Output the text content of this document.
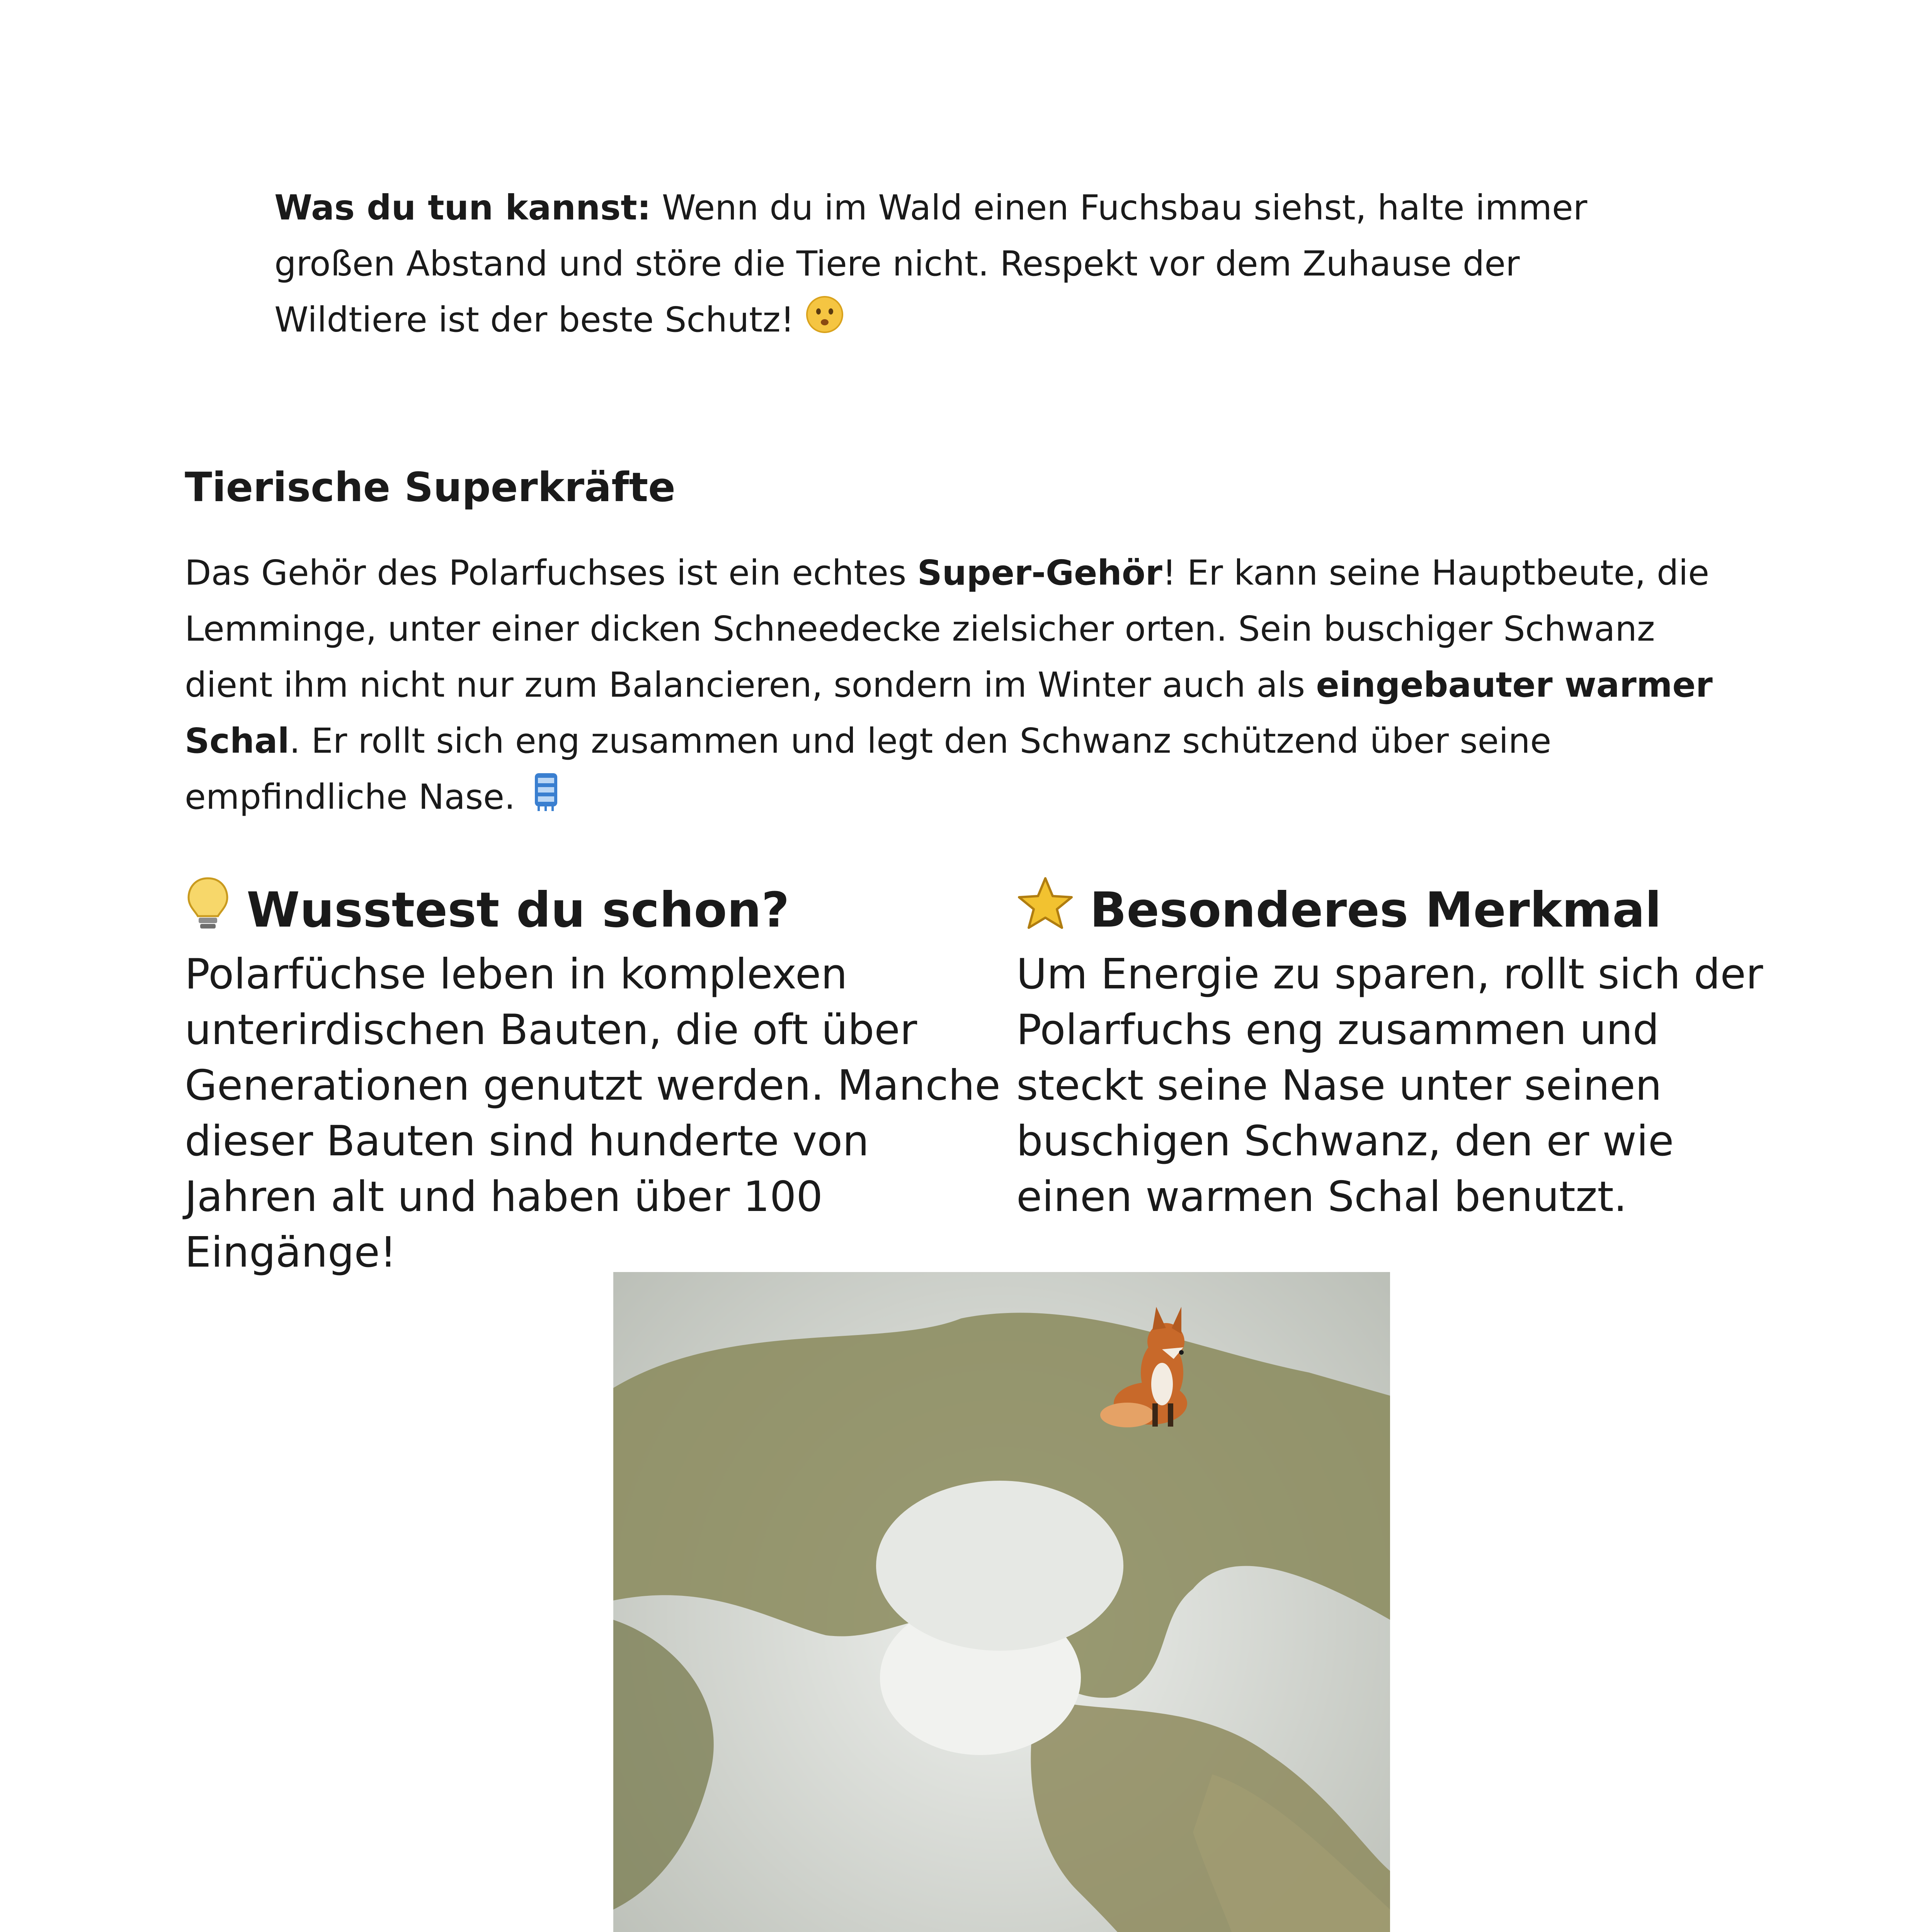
Was du tun kannst: Wenn du im Wald einen Fuchsbau siehst, halte immer großen Abstand und störe die Tiere nicht. Respekt vor dem Zuhause der Wildtiere ist der beste Schutz!
Tierische Superkräfte
Das Gehör des Polarfuchses ist ein echtes Super-Gehör! Er kann seine Hauptbeute, die Lemminge, unter einer dicken Schneedecke zielsicher orten. Sein buschiger Schwanz dient ihm nicht nur zum Balancieren, sondern im Winter auch als eingebauter warmer Schal. Er rollt sich eng zusammen und legt den Schwanz schützend über seine empfindliche Nase.
Wusstest du schon?
Polarfüchse leben in komplexen unterirdischen Bauten, die oft über Generationen genutzt werden. Manche dieser Bauten sind hunderte von Jahren alt und haben über 100 Eingänge!
Besonderes Merkmal
Um Energie zu sparen, rollt sich der Polarfuchs eng zusammen und steckt seine Nase unter seinen buschigen Schwanz, den er wie einen warmen Schal benutzt.
